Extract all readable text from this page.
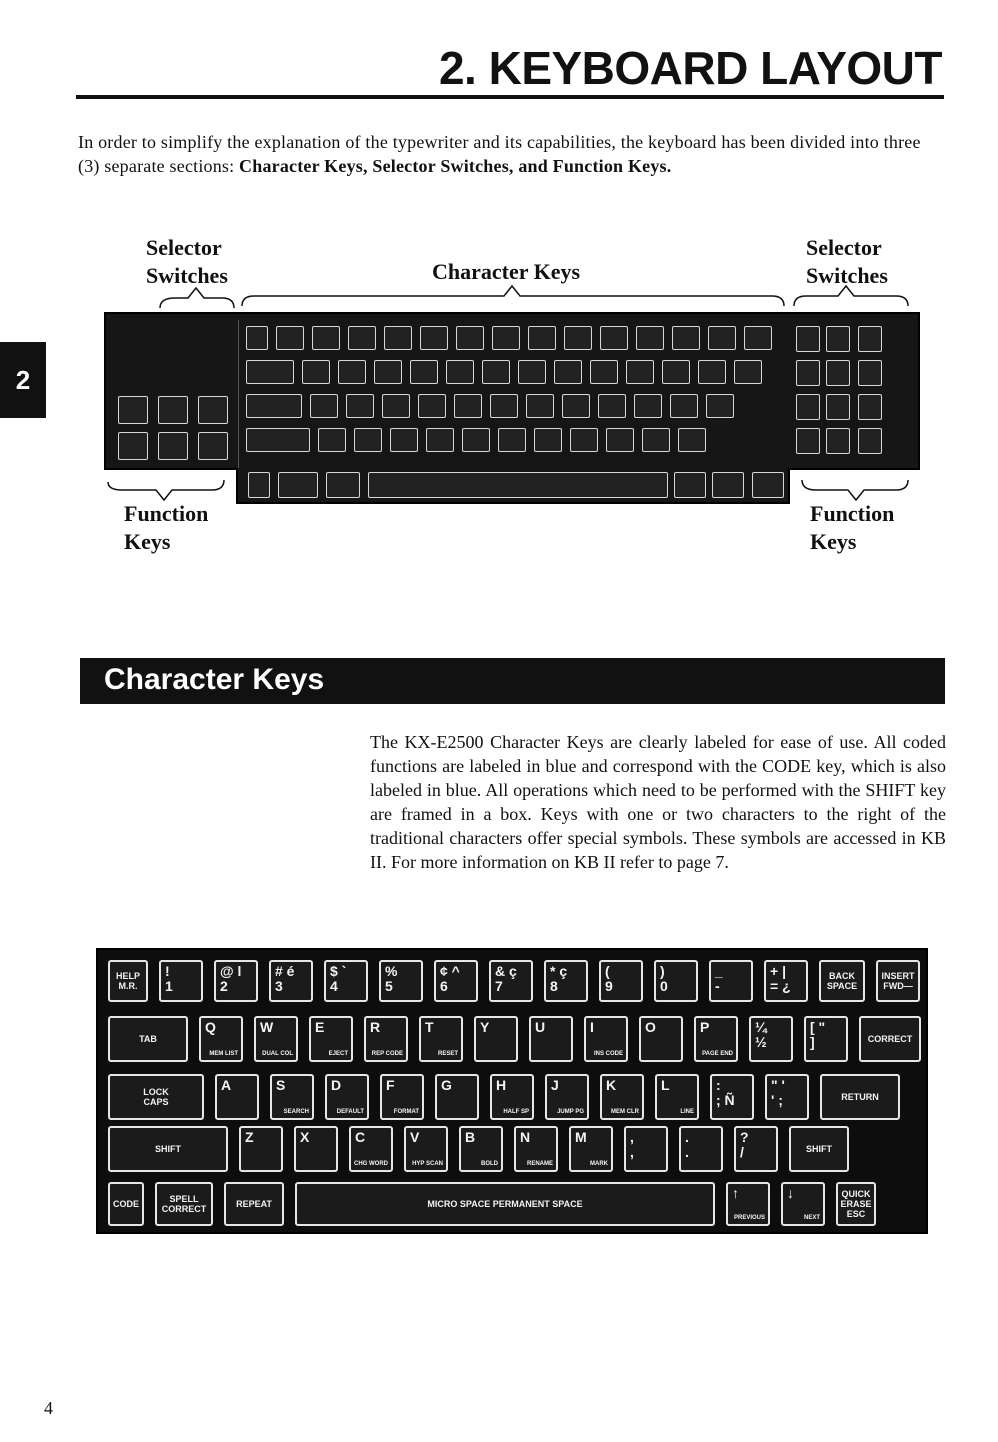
2. KEYBOARD LAYOUT

In order to simplify the explanation of the typewriter and its capabilities, the keyboard has been divided into three (3) separate sections: Character Keys, Selector Switches, and Function Keys.

2
Selector
Switches	Character Keys
Selector
Switches
Function
Keys
Function
Keys
Character Keys

The KX-E2500 Character Keys are clearly labeled for ease of use. All coded functions are labeled in blue and correspond with the CODE key, which is also labeled in blue. All operations which need to be performed with the SHIFT key are framed in a box. Keys with one or two characters to the right of the traditional characters offer special symbols. These symbols are accessed in KB II. For more information on KB II refer to page 7.

HELP
M.R.
!
1
@ l
2
# é
3
$ `
4
%
5
¢ ^
6
& ç
7
* ç
8
(
9
)
0
_
-
+ |
= ¿
BACK
SPACE
INSERT
FWD—
TAB
Q
MEM LIST
W
DUAL COL
E
EJECT
R
REP CODE
T
RESET
Y	U	I
INS CODE
O	P
PAGE END
¼
½
[ "
]	CORRECT
LOCK
CAPS
A	S
SEARCH
D
DEFAULT
F
FORMAT
G	H
HALF SP
J
JUMP PG
K
MEM CLR
L
LINE
:
; Ñ
" '
' ;	RETURN
SHIFT
Z	X	C
CHG WORD
V
HYP SCAN
B
BOLD
N
RENAME
M
MARK
,
,
.
.
?
/	SHIFT
CODE	SPELL
CORRECT	REPEAT	MICRO SPACE PERMANENT SPACE
↑
PREVIOUS
↓
NEXT
QUICK
ERASE
ESC
4
